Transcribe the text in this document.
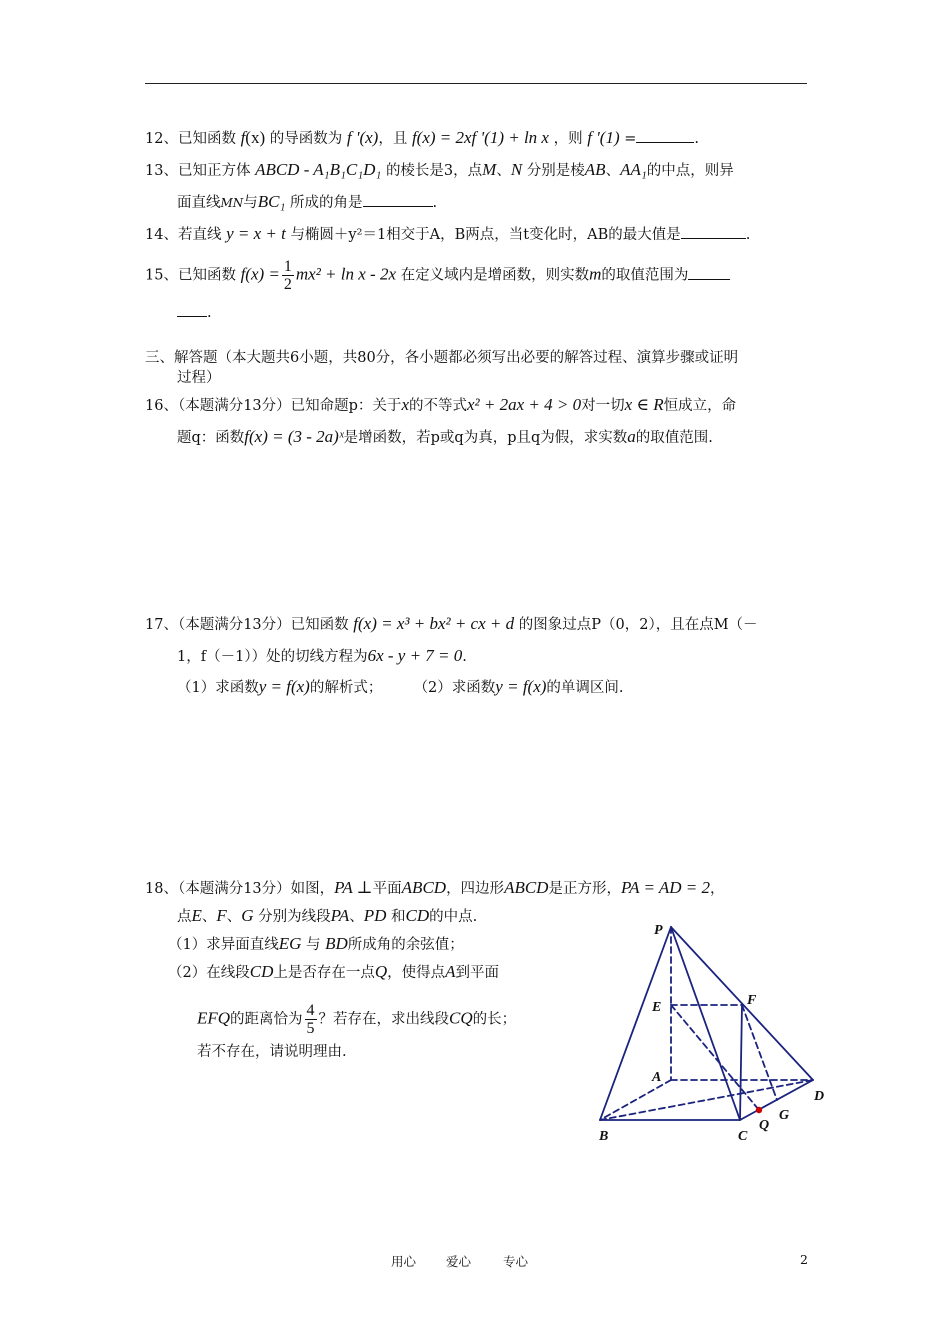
12、已知函数 f(x) 的导函数为 f '(x)，且 f(x) = 2xf '(1) + ln x ，则 f '(1) =	.
13、已知正方体 ABCD - A₁B₁C₁D₁ 的棱长是3，点M、N 分别是棱AB、AA₁的中点，则异
面直线MN与BC₁ 所成的角是	.
14、若直线 y = x + t 与椭圆＋y²＝1相交于A，B两点，当t变化时，AB的最大值是	.
15、已知函数 $f(x) = \frac{1}{2} mx^2 + \ln x - 2x$ 在定义域内是增函数，则实数m的取值范围为
.
三、解答题（本大题共6小题，共80分，各小题都必须写出必要的解答过程、演算步骤或证明
过程）
16、（本题满分13分）已知命题p：关于x的不等式x² + 2ax + 4 > 0对一切x ∈ R恒成立，命
题q：函数f(x) = (3 - 2a)ˣ是增函数，若p或q为真，p且q为假，求实数a的取值范围.
17、（本题满分13分）已知函数 f(x) = x³ + bx² + cx + d 的图象过点P（0，2），且在点M（－
1，f（－1））处的切线方程为6x - y + 7 = 0.
（1）求函数y = f(x)的解析式； （2）求函数y = f(x)的单调区间.
18、（本题满分13分）如图，PA ⊥平面ABCD，四边形ABCD是正方形，PA = AD = 2，
点E、F、G 分别为线段PA、PD 和CD的中点.
（1）求异面直线EG 与 BD所成角的余弦值；
（2）在线段CD上是否存在一点Q，使得点A到平面
EFQ的距离恰为 $\frac{4}{5}$ ？若存在，求出线段CQ的长；
若不存在，请说明理由.
P
E	F
A
D
B	C
Q
G
用心 爱心	专心	2
